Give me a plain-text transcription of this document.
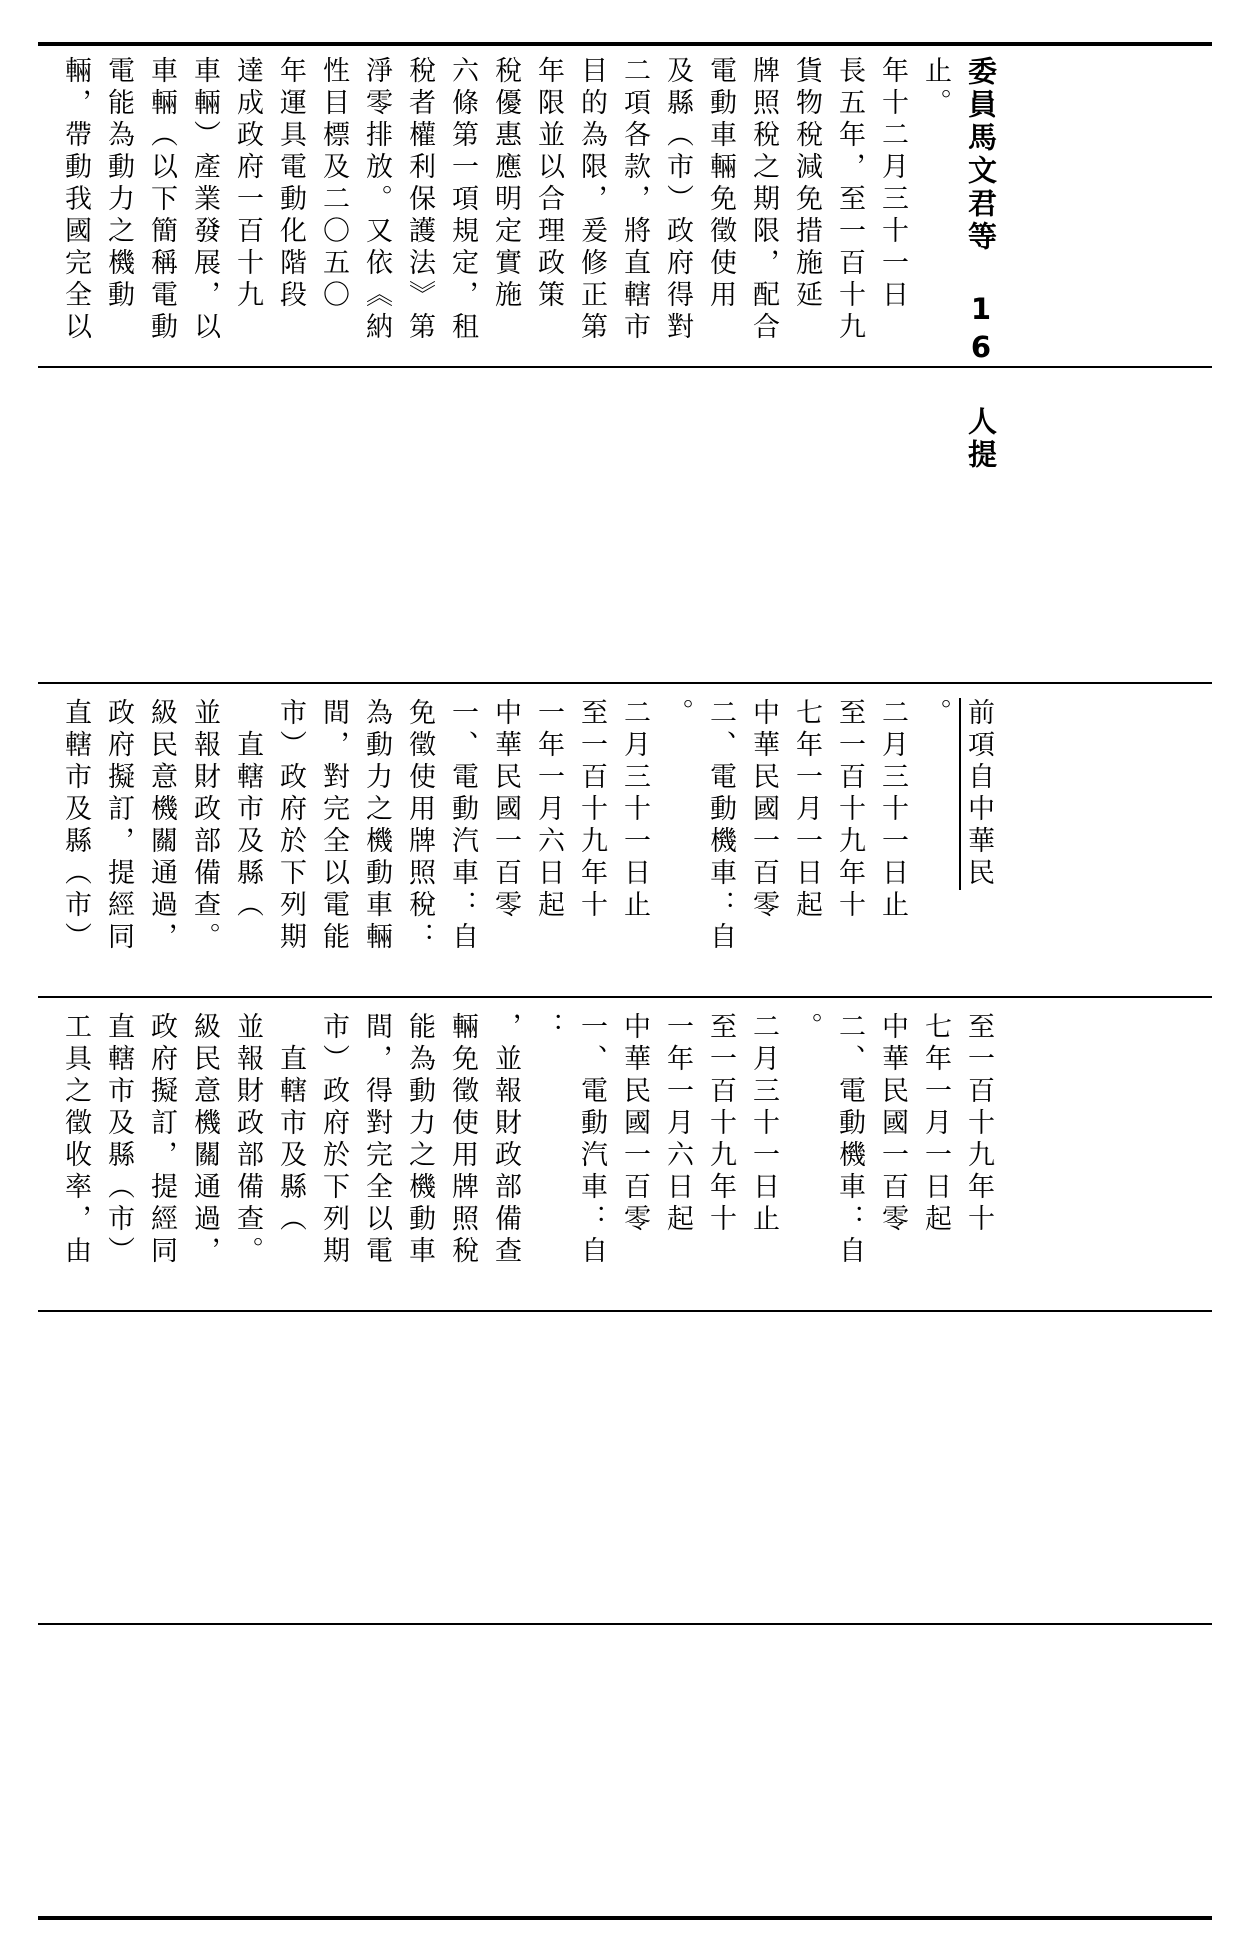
輛，帶動我國完全以 電能為動力之機動 車輛（以下簡稱電動 車輛）產業發展，以 達成政府一百十九 年運具電動化階段 性目標及二〇五〇 淨零排放。又依《納 稅者權利保護法》第 六條第一項規定，租 稅優惠應明定實施 年限並以合理政策 目的為限，爰修正第 二項各款，將直轄市 及縣（市）政府得對 電動車輛免徵使用 牌照稅之期限，配合 貨物稅減免措施延 長五年，至一百十九 年十二月三十一日 止。 委員馬文君等 16 人提
直轄市及縣（市） 政府擬訂，提經同 級民意機關通過， 並報財政部備查。 　直轄市及縣（ 市）政府於下列期 間，對完全以電能 為動力之機動車輛 免徵使用牌照稅： 一、電動汽車：自 中華民國一百零 一年一月六日起 至一百十九年十 二月三十一日止 。 二、電動機車：自 中華民國一百零 七年一月一日起 至一百十九年十 二月三十一日止 。 前項自中華民
工具之徵收率，由 直轄市及縣（市） 政府擬訂，提經同 級民意機關通過， 並報財政部備查。 　直轄市及縣（ 市）政府於下列期 間，得對完全以電 能為動力之機動車 輛免徵使用牌照稅 ，並報財政部備查 ： 一、電動汽車：自 中華民國一百零 一年一月六日起 至一百十九年十 二月三十一日止 。 二、電動機車：自 中華民國一百零 七年一月一日起 至一百十九年十
